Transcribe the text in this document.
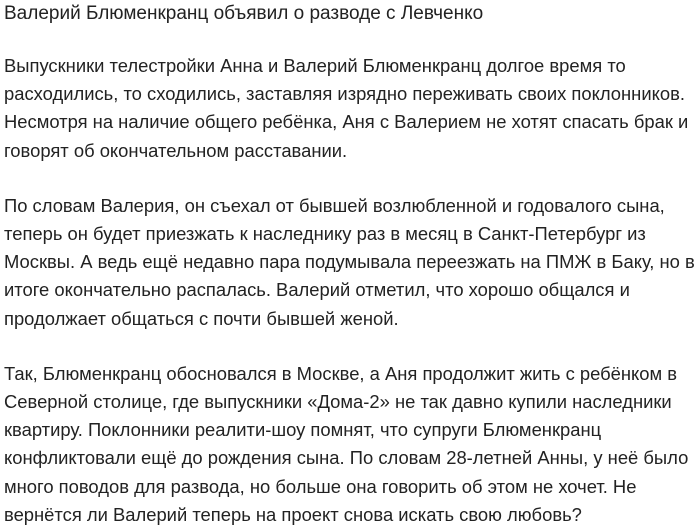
Валерий Блюменкранц объявил о разводе с Левченко

Выпускники телестройки Анна и Валерий Блюменкранц долгое время то
расходились, то сходились, заставляя изрядно переживать своих поклонников.
Несмотря на наличие общего ребёнка, Аня с Валерием не хотят спасать брак и
говорят об окончательном расставании.

По словам Валерия, он съехал от бывшей возлюбленной и годовалого сына,
теперь он будет приезжать к наследнику раз в месяц в Санкт-Петербург из
Москвы. А ведь ещё недавно пара подумывала переезжать на ПМЖ в Баку, но в
итоге окончательно распалась. Валерий отметил, что хорошо общался и
продолжает общаться с почти бывшей женой.

Так, Блюменкранц обосновался в Москве, а Аня продолжит жить с ребёнком в
Северной столице, где выпускники «Дома-2» не так давно купили наследники
квартиру. Поклонники реалити-шоу помнят, что супруги Блюменкранц
конфликтовали ещё до рождения сына. По словам 28-летней Анны, у неё было
много поводов для развода, но больше она говорить об этом не хочет. Не
вернётся ли Валерий теперь на проект снова искать свою любовь?
